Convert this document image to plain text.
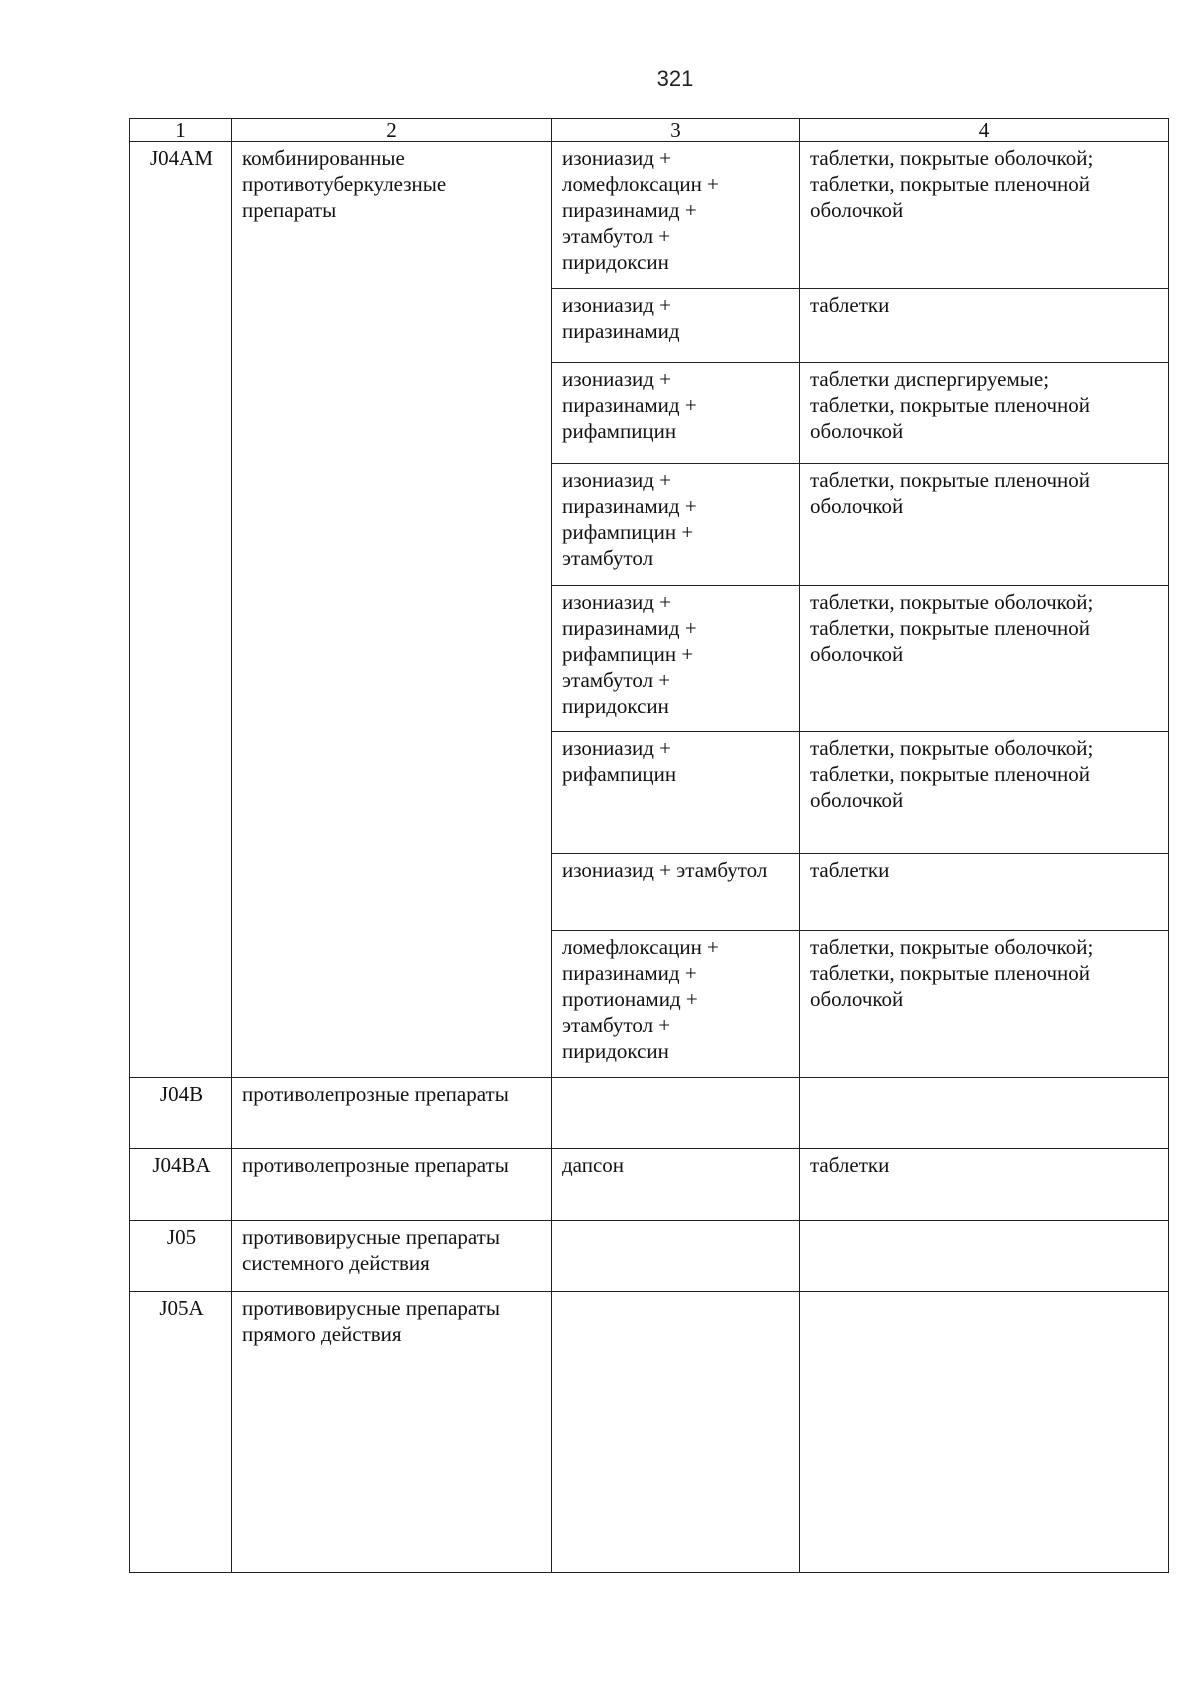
321
1	2	3	4
J04AM	комбинированные
противотуберкулезные
препараты	изониазид +
ломефлоксацин +
пиразинамид +
этамбутол +
пиридоксин	таблетки, покрытые оболочкой;
таблетки, покрытые пленочной
оболочкой
		изониазид +
пиразинамид	таблетки
		изониазид +
пиразинамид +
рифампицин	таблетки диспергируемые;
таблетки, покрытые пленочной
оболочкой
		изониазид +
пиразинамид +
рифампицин +
этамбутол	таблетки, покрытые пленочной
оболочкой
		изониазид +
пиразинамид +
рифампицин +
этамбутол +
пиридоксин	таблетки, покрытые оболочкой;
таблетки, покрытые пленочной
оболочкой
		изониазид +
рифампицин	таблетки, покрытые оболочкой;
таблетки, покрытые пленочной
оболочкой
		изониазид + этамбутол	таблетки
		ломефлоксацин +
пиразинамид +
протионамид +
этамбутол +
пиридоксин	таблетки, покрытые оболочкой;
таблетки, покрытые пленочной
оболочкой
J04B	противолепрозные препараты		
J04BA	противолепрозные препараты	дапсон	таблетки
J05	противовирусные препараты
системного действия		
J05A	противовирусные препараты
прямого действия		
